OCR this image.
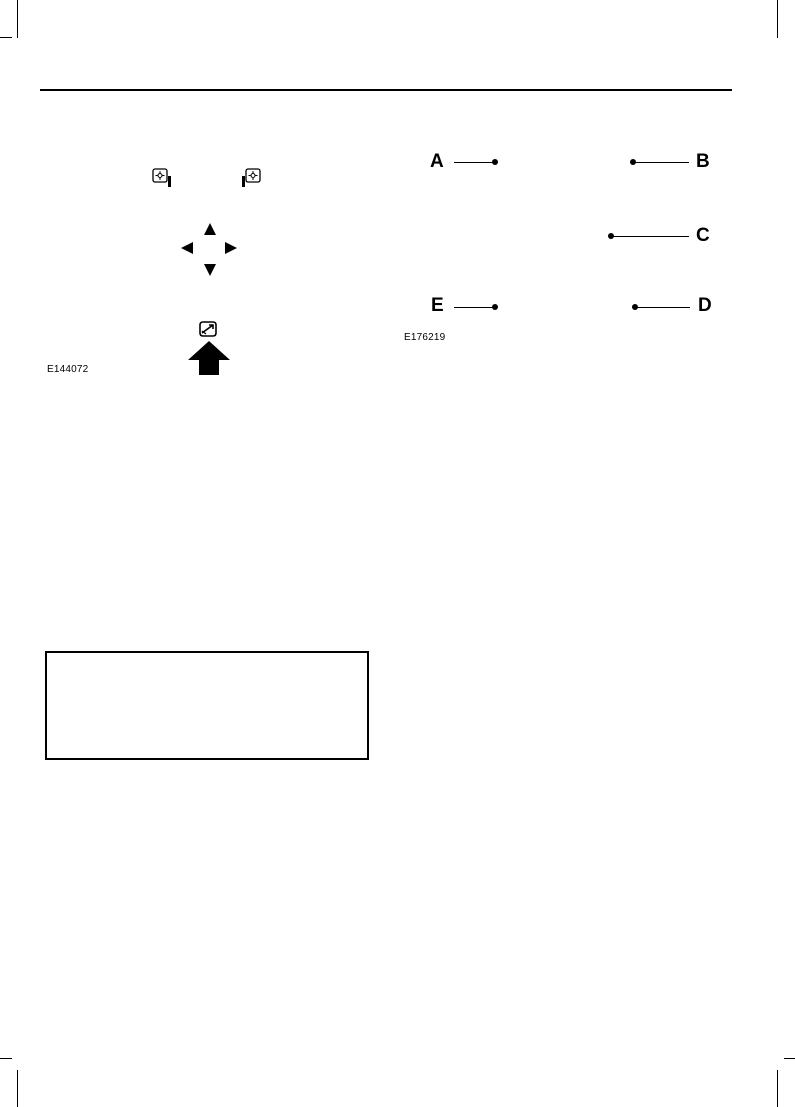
E144072
A	B
C
E	D
E176219
